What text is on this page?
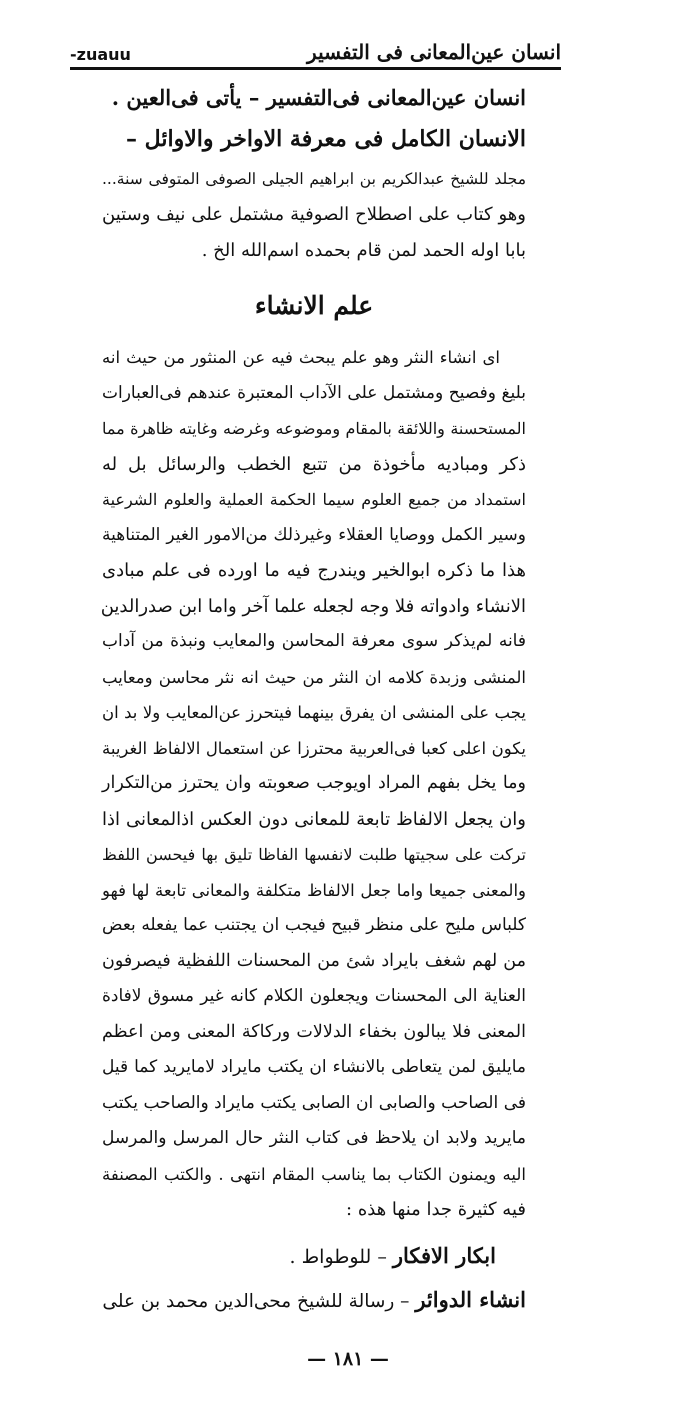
انسان عين‌المعانى فى التفسير
-zuauu

انسان عين‌المعانى فى‌التفسير – يأتى فى‌العين .

الانسان الكامل فى معرفة الاواخر والاوائل –

مجلد للشيخ عبدالكريم بن ابراهيم الجيلى الصوفى المتوفى سنة...

وهو كتاب على اصطلاح الصوفية مشتمل على نيف وستين

بابا اوله الحمد لمن قام بحمده اسم‌الله الخ .

علم الانشاء

اى انشاء النثر وهو علم يبحث فيه عن المنثور من حيث انه

بليغ وفصيح ومشتمل على الآداب المعتبرة عندهم فى‌العبارات

المستحسنة واللائقة بالمقام وموضوعه وغرضه وغايته ظاهرة مما

ذكر ومباديه مأخوذة من تتبع الخطب والرسائل بل له

استمداد من جميع العلوم سيما الحكمة العملية والعلوم الشرعية

وسير الكمل ووصايا العقلاء وغيرذلك من‌الامور الغير المتناهية

هذا ما ذكره ابوالخير ويندرج فيه ما اورده فى علم مبادى

الانشاء وادواته فلا وجه لجعله علما آخر واما ابن صدرالدين

فانه لم‌يذكر سوى معرفة المحاسن والمعايب ونبذة من آداب

المنشى وزبدة كلامه ان النثر من حيث انه نثر محاسن ومعايب

يجب على المنشى ان يفرق بينهما فيتحرز عن‌المعايب ولا بد ان

يكون اعلى كعبا فى‌العربية محترزا عن استعمال الالفاظ الغريبة

وما يخل بفهم المراد اويوجب صعوبته وان يحترز من‌التكرار

وان يجعل الالفاظ تابعة للمعانى دون العكس اذالمعانى اذا

تركت على سجيتها طلبت لانفسها الفاظا تليق بها فيحسن اللفظ

والمعنى جميعا واما جعل الالفاظ متكلفة والمعانى تابعة لها فهو

كلباس مليح على منظر قبيح فيجب ان يجتنب عما يفعله بعض

من لهم شغف بايراد شئ من المحسنات اللفظية فيصرفون

العناية الى المحسنات ويجعلون الكلام كانه غير مسوق لافادة

المعنى فلا يبالون بخفاء الدلالات وركاكة المعنى ومن اعظم

مايليق لمن يتعاطى بالانشاء ان يكتب مايراد لامايريد كما قيل

فى الصاحب والصابى ان الصابى يكتب مايراد والصاحب يكتب

مايريد ولابد ان يلاحظ فى كتاب النثر حال المرسل والمرسل

اليه ويمنون الكتاب بما يناسب المقام انتهى . والكتب المصنفة

فيه كثيرة جدا منها هذه :

ابكار الافكار – للوطواط .

انشاء الدوائر – رسالة للشيخ محى‌الدين محمد بن على

— ۱۸۱ —
